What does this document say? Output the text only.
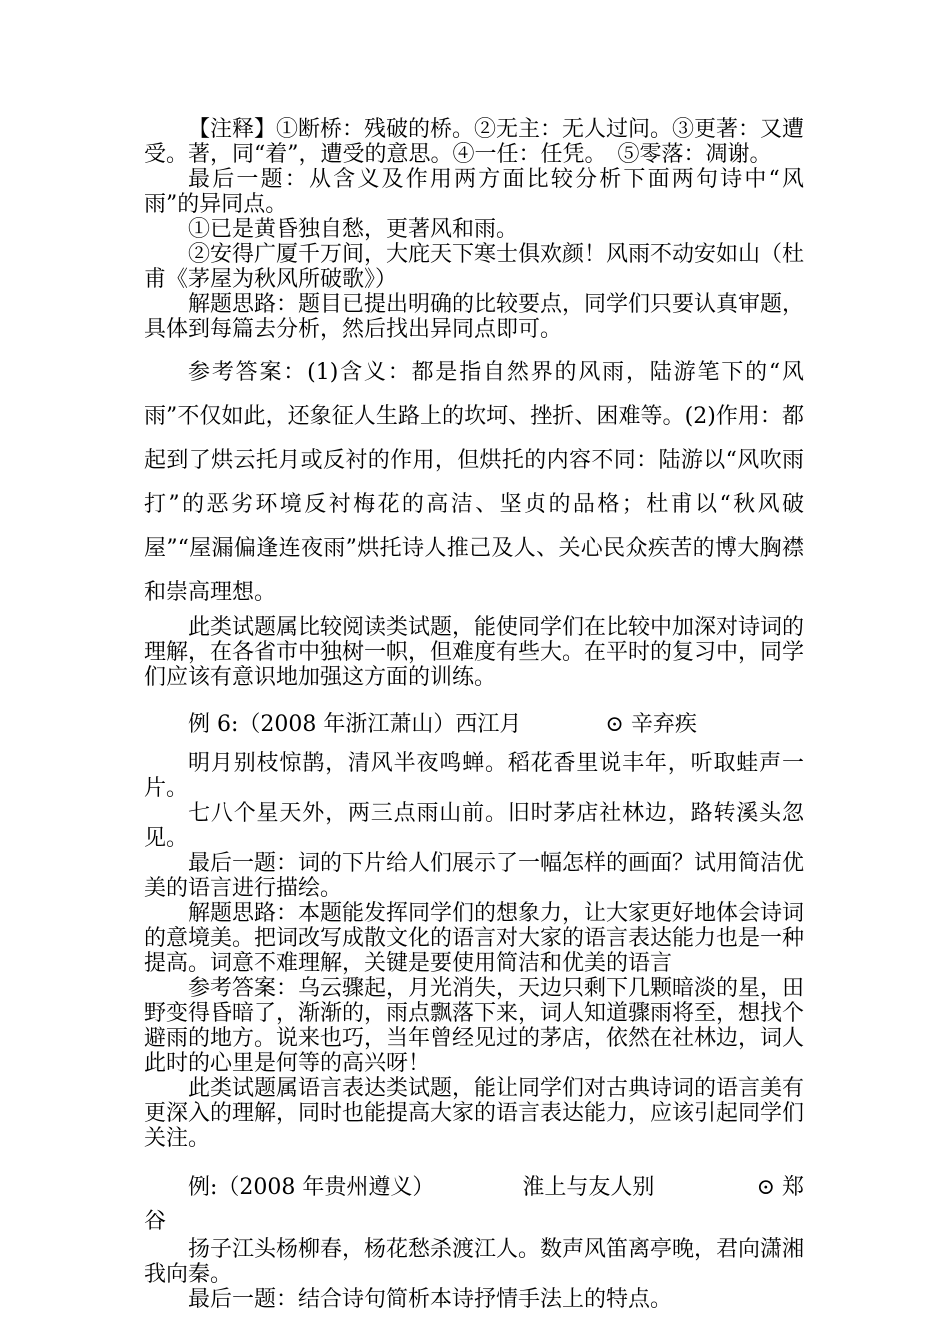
【注释】①断桥：残破的桥。②无主：无人过问。③更著：又遭受。著，同“着”，遭受的意思。④一任：任凭。　⑤零落：凋谢。

最后一题：从含义及作用两方面比较分析下面两句诗中“风雨”的异同点。

①已是黄昏独自愁，更著风和雨。

②安得广厦千万间，大庇天下寒士俱欢颜！风雨不动安如山（杜甫《茅屋为秋风所破歌》）

解题思路：题目已提出明确的比较要点，同学们只要认真审题，具体到每篇去分析，然后找出异同点即可。

参考答案：(1)含义：都是指自然界的风雨，陆游笔下的“风雨”不仅如此，还象征人生路上的坎坷、挫折、困难等。(2)作用：都起到了烘云托月或反衬的作用，但烘托的内容不同：陆游以“风吹雨打”的恶劣环境反衬梅花的高洁、坚贞的品格；杜甫以“秋风破屋”“屋漏偏逢连夜雨”烘托诗人推己及人、关心民众疾苦的博大胸襟和崇高理想。

此类试题属比较阅读类试题，能使同学们在比较中加深对诗词的理解，在各省市中独树一帜，但难度有些大。在平时的复习中，同学们应该有意识地加强这方面的训练。

例 6:（2008 年浙江萧山）西江月	⊙ 辛弃疾

明月别枝惊鹊，清风半夜鸣蝉。稻花香里说丰年，听取蛙声一片。

七八个星天外，两三点雨山前。旧时茅店社林边，路转溪头忽见。

最后一题：词的下片给人们展示了一幅怎样的画面？试用简洁优美的语言进行描绘。

解题思路：本题能发挥同学们的想象力，让大家更好地体会诗词的意境美。把词改写成散文化的语言对大家的语言表达能力也是一种提高。词意不难理解，关键是要使用简洁和优美的语言

参考答案：乌云骤起，月光消失，天边只剩下几颗暗淡的星，田野变得昏暗了，渐渐的，雨点飘落下来，词人知道骤雨将至，想找个避雨的地方。说来也巧，当年曾经见过的茅店，依然在社林边，词人此时的心里是何等的高兴呀！

此类试题属语言表达类试题，能让同学们对古典诗词的语言美有更深入的理解，同时也能提高大家的语言表达能力，应该引起同学们关注。

例:（2008 年贵州遵义）	淮上与友人别	⊙ 郑

谷

扬子江头杨柳春，杨花愁杀渡江人。数声风笛离亭晚，君向潇湘我向秦。

最后一题：结合诗句简析本诗抒情手法上的特点。
